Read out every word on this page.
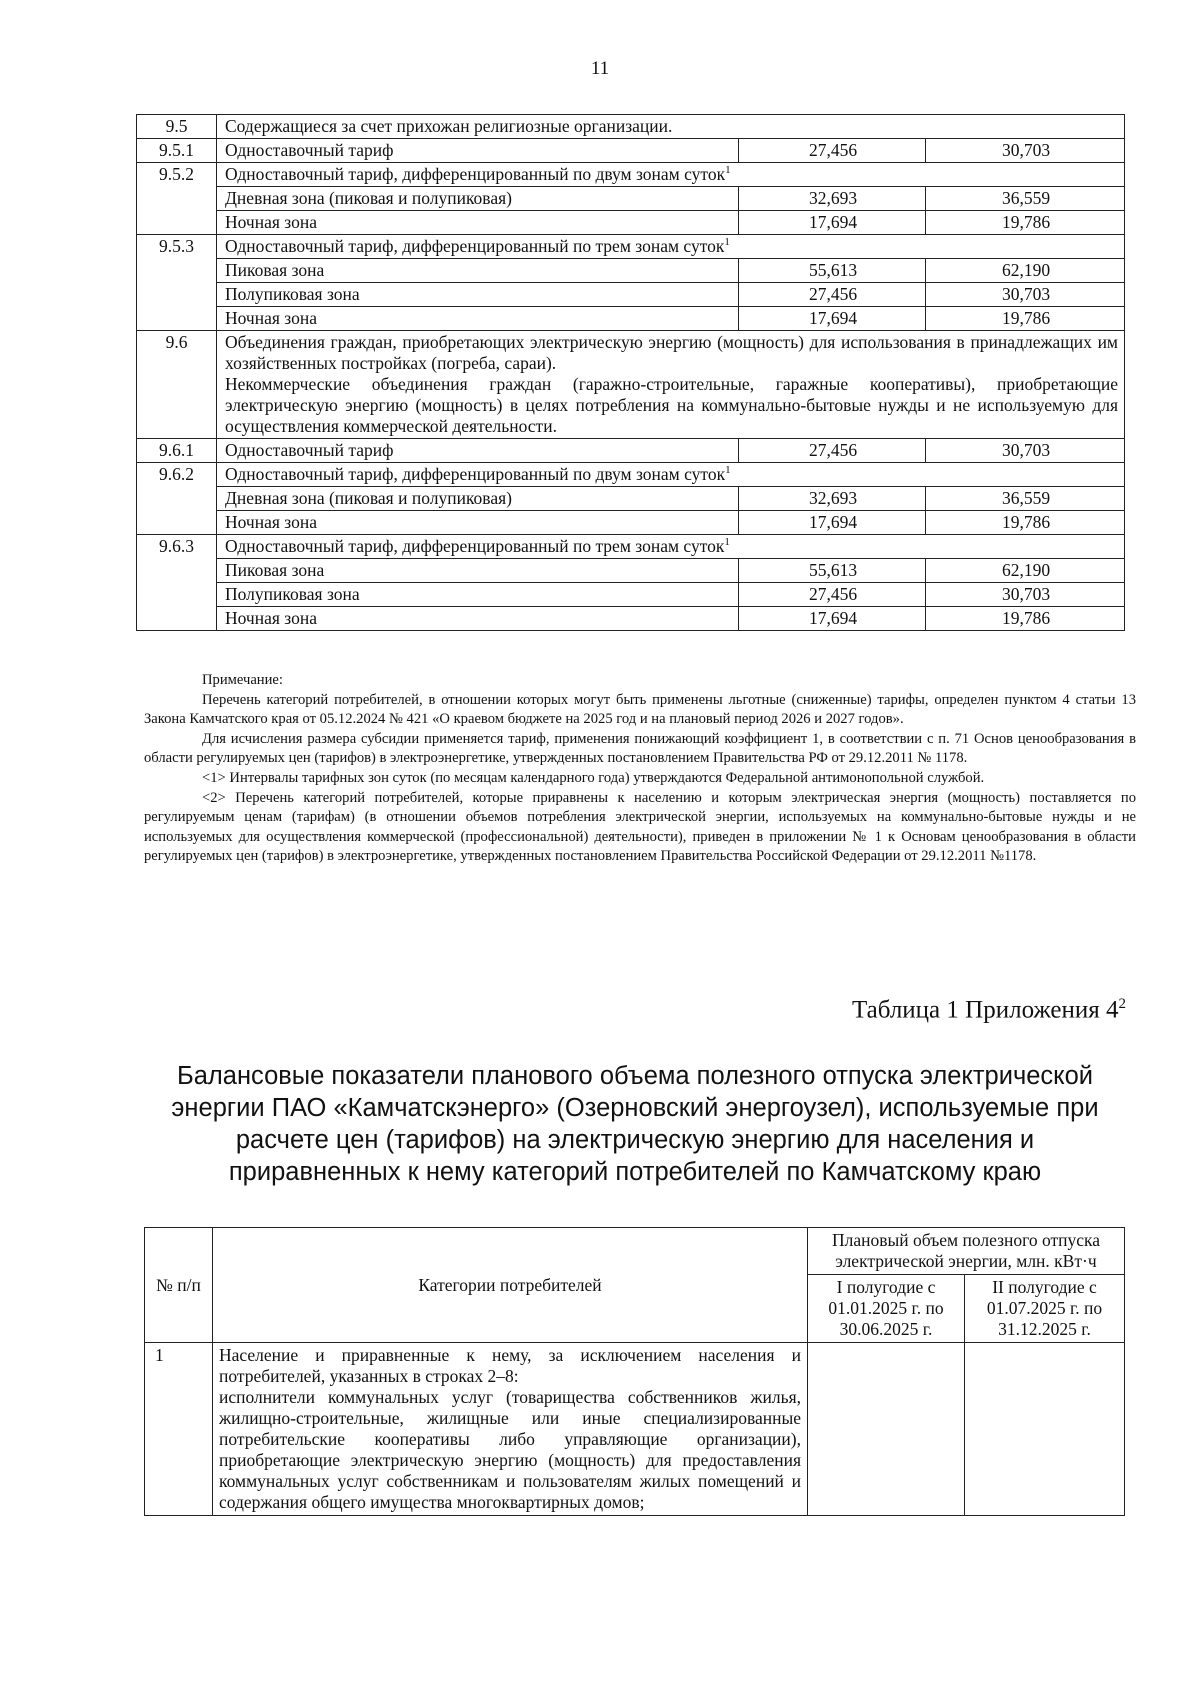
11
9.5	Содержащиеся за счет прихожан религиозные организации.		
9.5.1	Одноставочный тариф	27,456	30,703
9.5.2	Одноставочный тариф, дифференцированный по двум зонам суток$^1$
	Дневная зона (пиковая и полупиковая)	32,693	36,559
	Ночная зона	17,694	19,786
9.5.3	Одноставочный тариф, дифференцированный по трем зонам суток$^1$
	Пиковая зона	55,613	62,190
	Полупиковая зона	27,456	30,703
	Ночная зона	17,694	19,786
9.6	Объединения граждан, приобретающих электрическую энергию (мощность) для использования в принадлежащих им хозяйственных постройках (погреба, сараи).
Некоммерческие объединения граждан (гаражно-строительные, гаражные кооперативы), приобретающие электрическую энергию (мощность) в целях потребления на коммунально-бытовые нужды и не используемую для осуществления коммерческой деятельности.		

9.6.1	Одноставочный тариф	27,456	30,703
9.6.2	Одноставочный тариф, дифференцированный по двум зонам суток$^1$
	Дневная зона (пиковая и полупиковая)	32,693	36,559
	Ночная зона	17,694	19,786
9.6.3	Одноставочный тариф, дифференцированный по трем зонам суток$^1$
	Пиковая зона	55,613	62,190
	Полупиковая зона	27,456	30,703
	Ночная зона	17,694	19,786

Примечание:

Перечень категорий потребителей, в отношении которых могут быть применены льготные (сниженные) тарифы, определен пунктом 4 статьи 13 Закона Камчатского края от 05.12.2024 № 421 «О краевом бюджете на 2025 год и на плановый период 2026 и 2027 годов».

Для исчисления размера субсидии применяется тариф, применения понижающий коэффициент 1, в соответствии с п. 71 Основ ценообразования в области регулируемых цен (тарифов) в электроэнергетике, утвержденных постановлением Правительства РФ от 29.12.2011 № 1178.

<1> Интервалы тарифных зон суток (по месяцам календарного года) утверждаются Федеральной антимонопольной службой.

<2> Перечень категорий потребителей, которые приравнены к населению и которым электрическая энергия (мощность) поставляется по регулируемым ценам (тарифам) (в отношении объемов потребления электрической энергии, используемых на коммунально-бытовые нужды и не используемых для осуществления коммерческой (профессиональной) деятельности), приведен в приложении № 1 к Основам ценообразования в области регулируемых цен (тарифов) в электроэнергетике, утвержденных постановлением Правительства Российской Федерации от 29.12.2011 №1178.

Таблица 1 Приложения $4^2$
Балансовые показатели планового объема полезного отпуска электрической энергии ПАО «Камчатскэнерго» (Озерновский энергоузел), используемые при расчете цен (тарифов) на электрическую энергию для населения и приравненных к нему категорий потребителей по Камчатскому краю
№ п/п	Категории потребителей	Плановый объем полезного отпуска электрической энергии, млн. кВт·ч	
		I полугодие с 01.01.2025 г. по 30.06.2025 г.	II полугодие с 01.07.2025 г. по 31.12.2025 г.
1	Население и приравненные к нему, за исключением населения и потребителей, указанных в строках 2–8:
исполнители коммунальных услуг (товарищества собственников жилья, жилищно-строительные, жилищные или иные специализированные потребительские кооперативы либо управляющие организации), приобретающие электрическую энергию (мощность) для предоставления коммунальных услуг собственникам и пользователям жилых помещений и содержания общего имущества многоквартирных домов;		
